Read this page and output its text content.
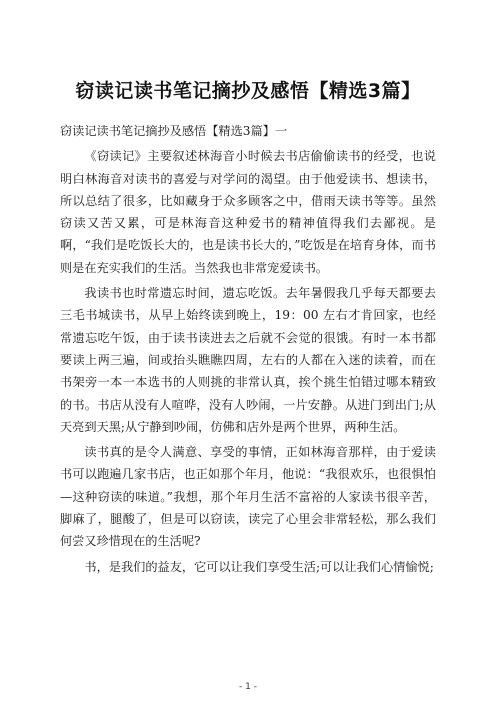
窃读记读书笔记摘抄及感悟【精选3篇】

窃读记读书笔记摘抄及感悟【精选3篇】一

《窃读记》主要叙述林海音小时候去书店偷偷读书的经受，也说明白林海音对读书的喜爱与对学问的渴望。由于他爱读书、想读书，所以总结了很多，比如藏身于众多顾客之中，借雨天读书等等。虽然窃读又苦又累，可是林海音这种爱书的精神值得我们去鄙视。是啊，“我们是吃饭长大的，也是读书长大的，”吃饭是在培育身体，而书则是在充实我们的生活。当然我也非常宠爱读书。

我读书也时常遗忘时间，遗忘吃饭。去年暑假我几乎每天都要去三毛书城读书，从早上始终读到晚上，19：00 左右才肯回家，也经常遗忘吃午饭，由于读书读进去之后就不会觉的很饿。有时一本书都要读上两三遍，间或抬头瞧瞧四周，左右的人都在入迷的读着，而在书架旁一本一本选书的人则挑的非常认真，挨个挑生怕错过哪本精致的书。书店从没有人喧哗，没有人吵闹，一片安静。从进门到出门;从天亮到天黑;从宁静到吵闹，仿佛和店外是两个世界，两种生活。

读书真的是令人满意、享受的事情，正如林海音那样，由于爱读书可以跑遍几家书店，也正如那个年月，他说：“我很欢乐，也很惧怕—这种窃读的味道。”我想，那个年月生活不富裕的人家读书很辛苦，脚麻了，腿酸了，但是可以窃读，读完了心里会非常轻松，那么我们何尝又珍惜现在的生活呢?

书，是我们的益友，它可以让我们享受生活;可以让我们心情愉悦;

- 1 -
